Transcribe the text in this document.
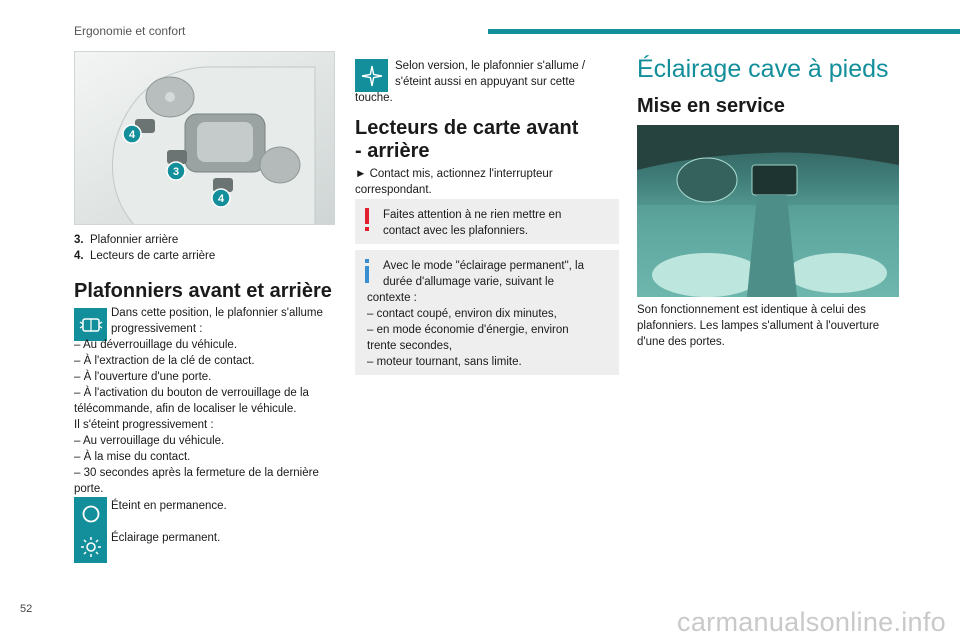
Ergonomie et confort
4
3
4
3. Plafonnier arrière
4. Lecteurs de carte arrière
Plafonniers avant et arrière
Dans cette position, le plafonnier s'allume
progressivement :
– Au déverrouillage du véhicule.
– À l'extraction de la clé de contact.
– À l'ouverture d'une porte.
– À l'activation du bouton de verrouillage de la
télécommande, afin de localiser le véhicule.
Il s'éteint progressivement :
– Au verrouillage du véhicule.
– À la mise du contact.
– 30 secondes après la fermeture de la dernière
porte.
Éteint en permanence.
Éclairage permanent.
Selon version, le plafonnier s'allume /
s'éteint aussi en appuyant sur cette
touche.
Lecteurs de carte avant
- arrière
► Contact mis, actionnez l'interrupteur
correspondant.
Faites attention à ne rien mettre en
contact avec les plafonniers.
Avec le mode "éclairage permanent", la
durée d'allumage varie, suivant le
contexte :
– contact coupé, environ dix minutes,
– en mode économie d'énergie, environ
trente secondes,
– moteur tournant, sans limite.
Éclairage cave à pieds
Mise en service
Son fonctionnement est identique à celui des
plafonniers. Les lampes s'allument à l'ouverture
d'une des portes.
52	carmanualsonline.info
